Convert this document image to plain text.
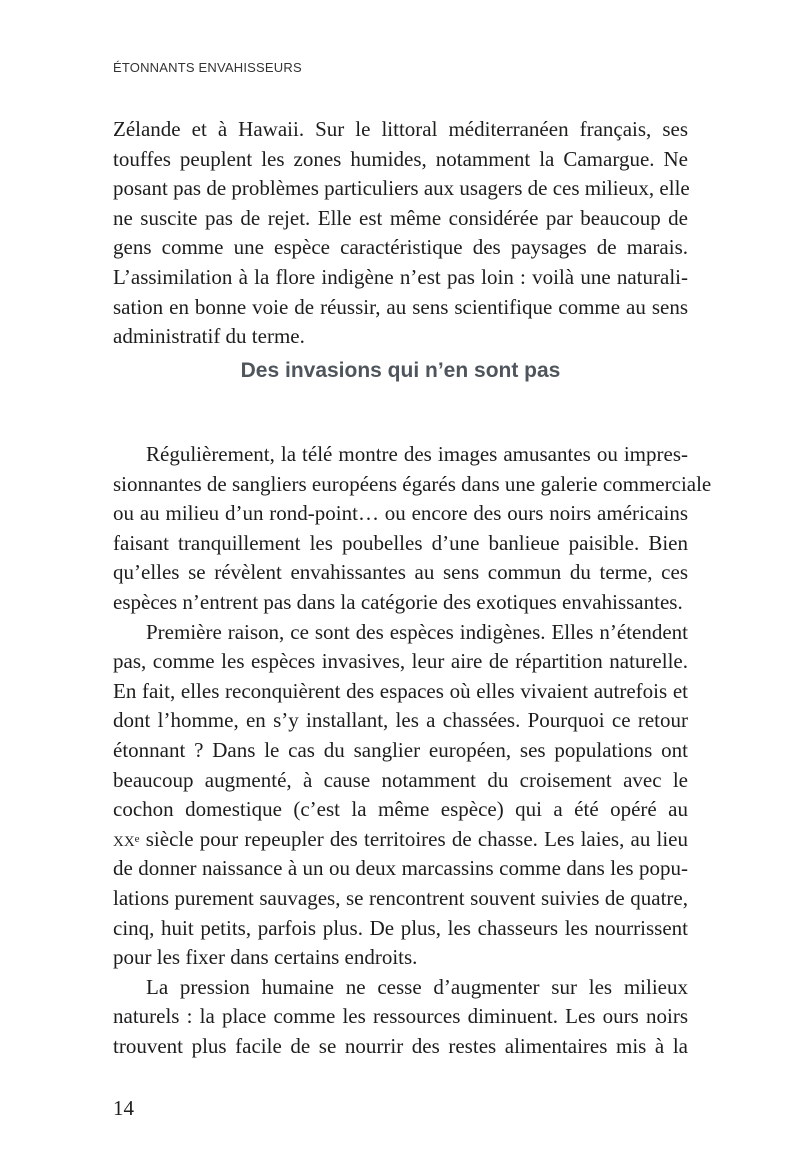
ÉTONNANTS ENVAHISSEURS
Zélande et à Hawaii. Sur le littoral méditerranéen français, ses
touffes peuplent les zones humides, notamment la Camargue. Ne
posant pas de problèmes particuliers aux usagers de ces milieux, elle
ne suscite pas de rejet. Elle est même considérée par beaucoup de
gens comme une espèce caractéristique des paysages de marais.
L’assimilation à la flore indigène n’est pas loin : voilà une naturali-
sation en bonne voie de réussir, au sens scientifique comme au sens
administratif du terme.
Des invasions qui n’en sont pas
Régulièrement, la télé montre des images amusantes ou impres-
sionnantes de sangliers européens égarés dans une galerie commerciale
ou au milieu d’un rond-point… ou encore des ours noirs américains
faisant tranquillement les poubelles d’une banlieue paisible. Bien
qu’elles se révèlent envahissantes au sens commun du terme, ces
espèces n’entrent pas dans la catégorie des exotiques envahissantes.
Première raison, ce sont des espèces indigènes. Elles n’étendent
pas, comme les espèces invasives, leur aire de répartition naturelle.
En fait, elles reconquièrent des espaces où elles vivaient autrefois et
dont l’homme, en s’y installant, les a chassées. Pourquoi ce retour
étonnant ? Dans le cas du sanglier européen, ses populations ont
beaucoup augmenté, à cause notamment du croisement avec le
cochon domestique (c’est la même espèce) qui a été opéré au
xx e siècle pour repeupler des territoires de chasse. Les laies, au lieu
de donner naissance à un ou deux marcassins comme dans les popu-
lations purement sauvages, se rencontrent souvent suivies de quatre,
cinq, huit petits, parfois plus. De plus, les chasseurs les nourrissent
pour les fixer dans certains endroits.
La pression humaine ne cesse d’augmenter sur les milieux
naturels : la place comme les ressources diminuent. Les ours noirs
trouvent plus facile de se nourrir des restes alimentaires mis à la
14
